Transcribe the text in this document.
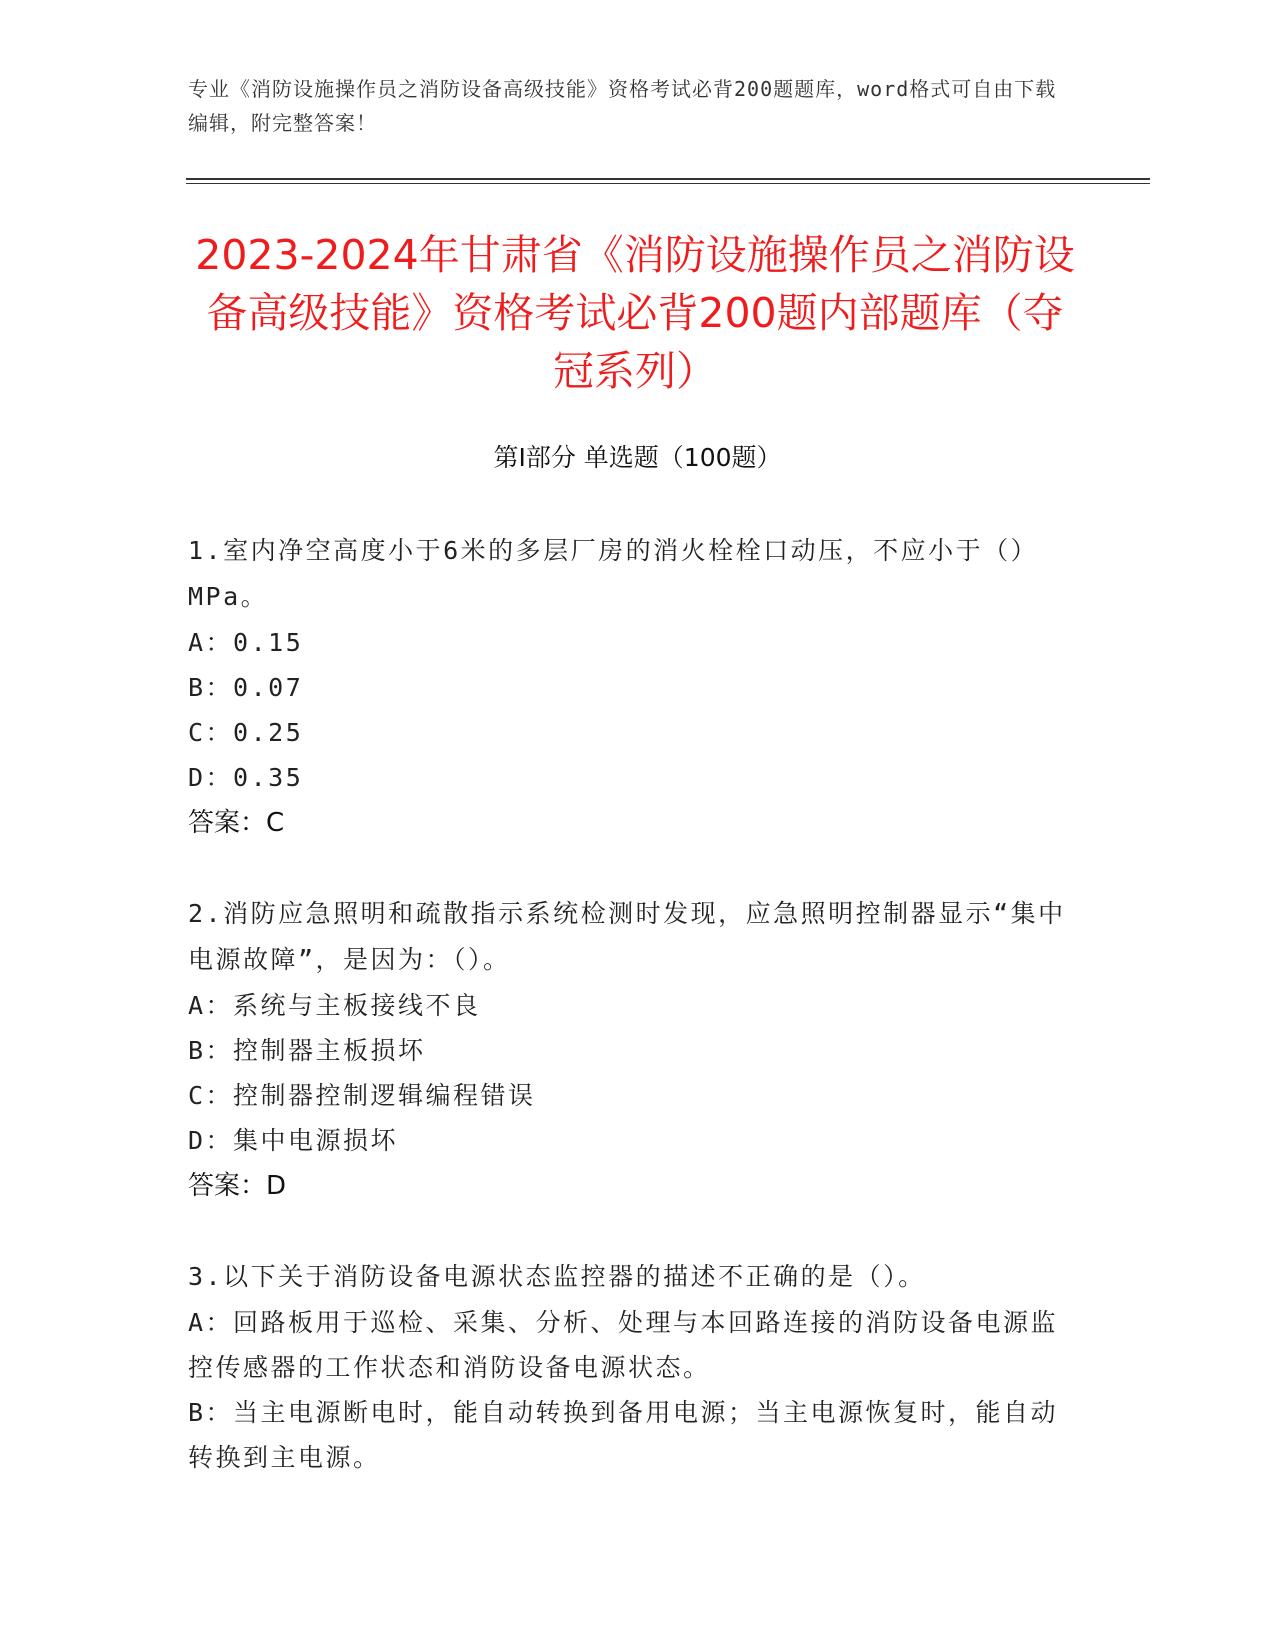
专业《消防设施操作员之消防设备高级技能》资格考试必背200题题库，word格式可自由下载编辑，附完整答案！
2023-2024年甘肃省《消防设施操作员之消防设备高级技能》资格考试必背200题内部题库（夺冠系列）
第Ⅰ部分 单选题（100题）
1.室内净空高度小于6米的多层厂房的消火栓栓口动压，不应小于（）MPa。
A：0.15
B：0.07
C：0.25
D：0.35
答案：C
2.消防应急照明和疏散指示系统检测时发现，应急照明控制器显示“集中电源故障”，是因为：（）。
A：系统与主板接线不良
B：控制器主板损坏
C：控制器控制逻辑编程错误
D：集中电源损坏
答案：D
3.以下关于消防设备电源状态监控器的描述不正确的是（）。
A：回路板用于巡检、采集、分析、处理与本回路连接的消防设备电源监控传感器的工作状态和消防设备电源状态。
B：当主电源断电时，能自动转换到备用电源；当主电源恢复时，能自动转换到主电源。
